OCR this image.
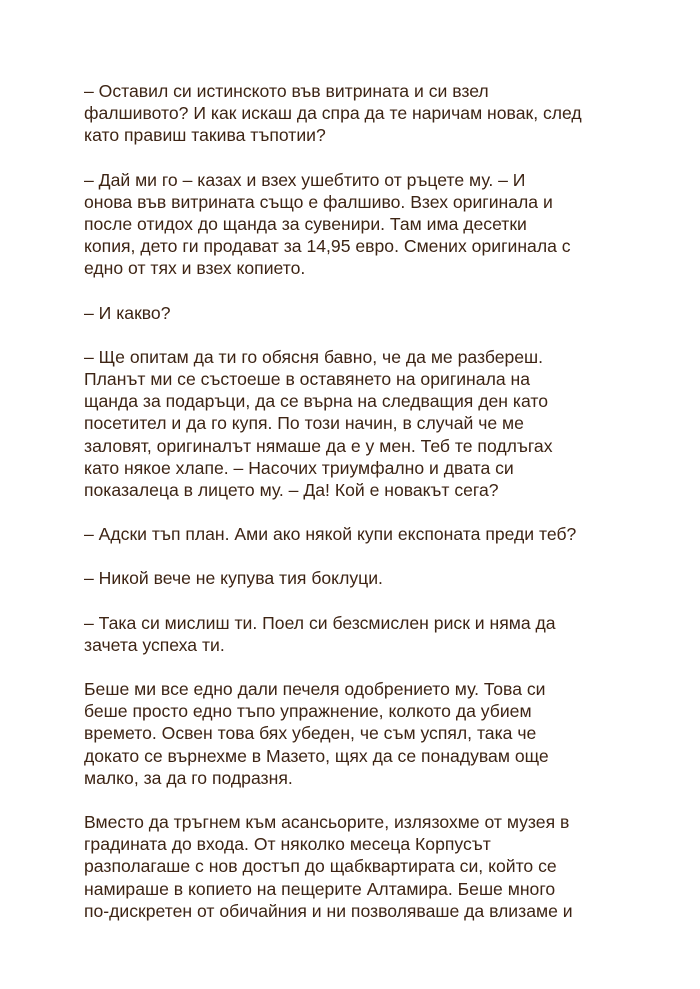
– Оставил си истинското във витрината и си взел
фалшивото? И как искаш да спра да те наричам новак, след
като правиш такива тъпотии?

– Дай ми го – казах и взех ушебтито от ръцете му. – И
онова във витрината също е фалшиво. Взех оригинала и
после отидох до щанда за сувенири. Там има десетки
копия, дето ги продават за 14,95 евро. Смених оригинала с
едно от тях и взех копието.

– И какво?

– Ще опитам да ти го обясня бавно, че да ме разбереш.
Планът ми се състоеше в оставянето на оригинала на
щанда за подаръци, да се върна на следващия ден като
посетител и да го купя. По този начин, в случай че ме
заловят, оригиналът нямаше да е у мен. Теб те подлъгах
като някое хлапе. – Насочих триумфално и двата си
показалеца в лицето му. – Да! Кой е новакът сега?

– Адски тъп план. Ами ако някой купи експоната преди теб?

– Никой вече не купува тия боклуци.

– Така си мислиш ти. Поел си безсмислен риск и няма да
зачета успеха ти.

Беше ми все едно дали печеля одобрението му. Това си
беше просто едно тъпо упражнение, колкото да убием
времето. Освен това бях убеден, че съм успял, така че
докато се върнехме в Мазето, щях да се понадувам още
малко, за да го подразня.

Вместо да тръгнем към асансьорите, излязохме от музея в
градината до входа. От няколко месеца Корпусът
разполагаше с нов достъп до щабквартирата си, който се
намираше в копието на пещерите Алтамира. Беше много
по-дискретен от обичайния и ни позволяваше да влизаме и
